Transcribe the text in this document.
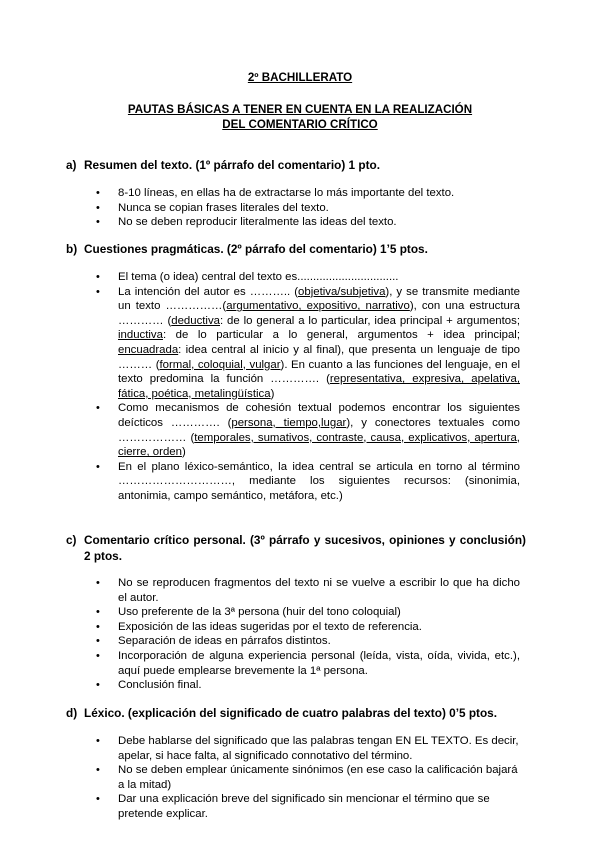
2º BACHILLERATO
PAUTAS BÁSICAS A TENER EN CUENTA EN LA REALIZACIÓN
DEL COMENTARIO CRÍTICO
a) Resumen del texto. (1º párrafo del comentario) 1 pto.
• 8-10 líneas, en ellas ha de extractarse lo más importante del texto.
• Nunca se copian frases literales del texto.
• No se deben reproducir literalmente las ideas del texto.
b) Cuestiones pragmáticas. (2º párrafo del comentario) 1’5 ptos.
• El tema (o idea) central del texto es................................
• La intención del autor es ……….. (objetiva/subjetiva), y se transmite mediante un texto ……………(argumentativo, expositivo, narrativo), con una estructura ………… (deductiva: de lo general a lo particular, idea principal + argumentos; inductiva: de lo particular a lo general, argumentos + idea principal; encuadrada: idea central al inicio y al final), que presenta un lenguaje de tipo ……… (formal, coloquial, vulgar). En cuanto a las funciones del lenguaje, en el texto predomina la función …………. (representativa, expresiva, apelativa, fática, poética, metalingüística)
• Como mecanismos de cohesión textual podemos encontrar los siguientes deícticos …………. (persona, tiempo,lugar), y conectores textuales como ……………… (temporales, sumativos, contraste, causa, explicativos, apertura, cierre, orden)
• En el plano léxico-semántico, la idea central se articula en torno al término …………………………, mediante los siguientes recursos: (sinonimia, antonimia, campo semántico, metáfora, etc.)
c) Comentario crítico personal. (3º párrafo y sucesivos, opiniones y conclusión) 2 ptos.
• No se reproducen fragmentos del texto ni se vuelve a escribir lo que ha dicho el autor.
• Uso preferente de la 3ª persona (huir del tono coloquial)
• Exposición de las ideas sugeridas por el texto de referencia.
• Separación de ideas en párrafos distintos.
• Incorporación de alguna experiencia personal (leída, vista, oída, vivida, etc.), aquí puede emplearse brevemente la 1ª persona.
• Conclusión final.
d) Léxico. (explicación del significado de cuatro palabras del texto) 0’5 ptos.
• Debe hablarse del significado que las palabras tengan EN EL TEXTO. Es decir, apelar, si hace falta, al significado connotativo del término.
• No se deben emplear únicamente sinónimos (en ese caso la calificación bajará a la mitad)
• Dar una explicación breve del significado sin mencionar el término que se pretende explicar.
